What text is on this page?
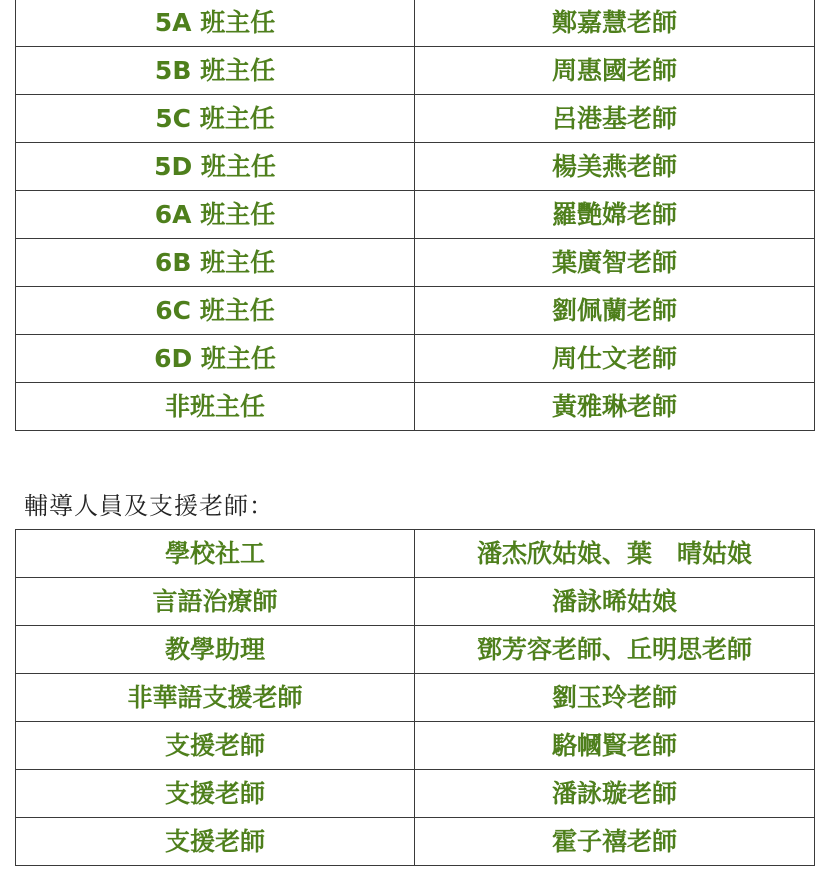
5A 班主任	鄭嘉慧老師
5B 班主任	周惠國老師
5C 班主任	呂港基老師
5D 班主任	楊美燕老師
6A 班主任	羅艷嫦老師
6B 班主任	葉廣智老師
6C 班主任	劉佩蘭老師
6D 班主任	周仕文老師
非班主任	黃雅琳老師
輔導人員及支援老師：
學校社工	潘杰欣姑娘、葉　晴姑娘
言語治療師	潘詠晞姑娘
教學助理	鄧芳容老師、丘明思老師
非華語支援老師	劉玉玲老師
支援老師	駱幗賢老師
支援老師	潘詠璇老師
支援老師	霍子禧老師
